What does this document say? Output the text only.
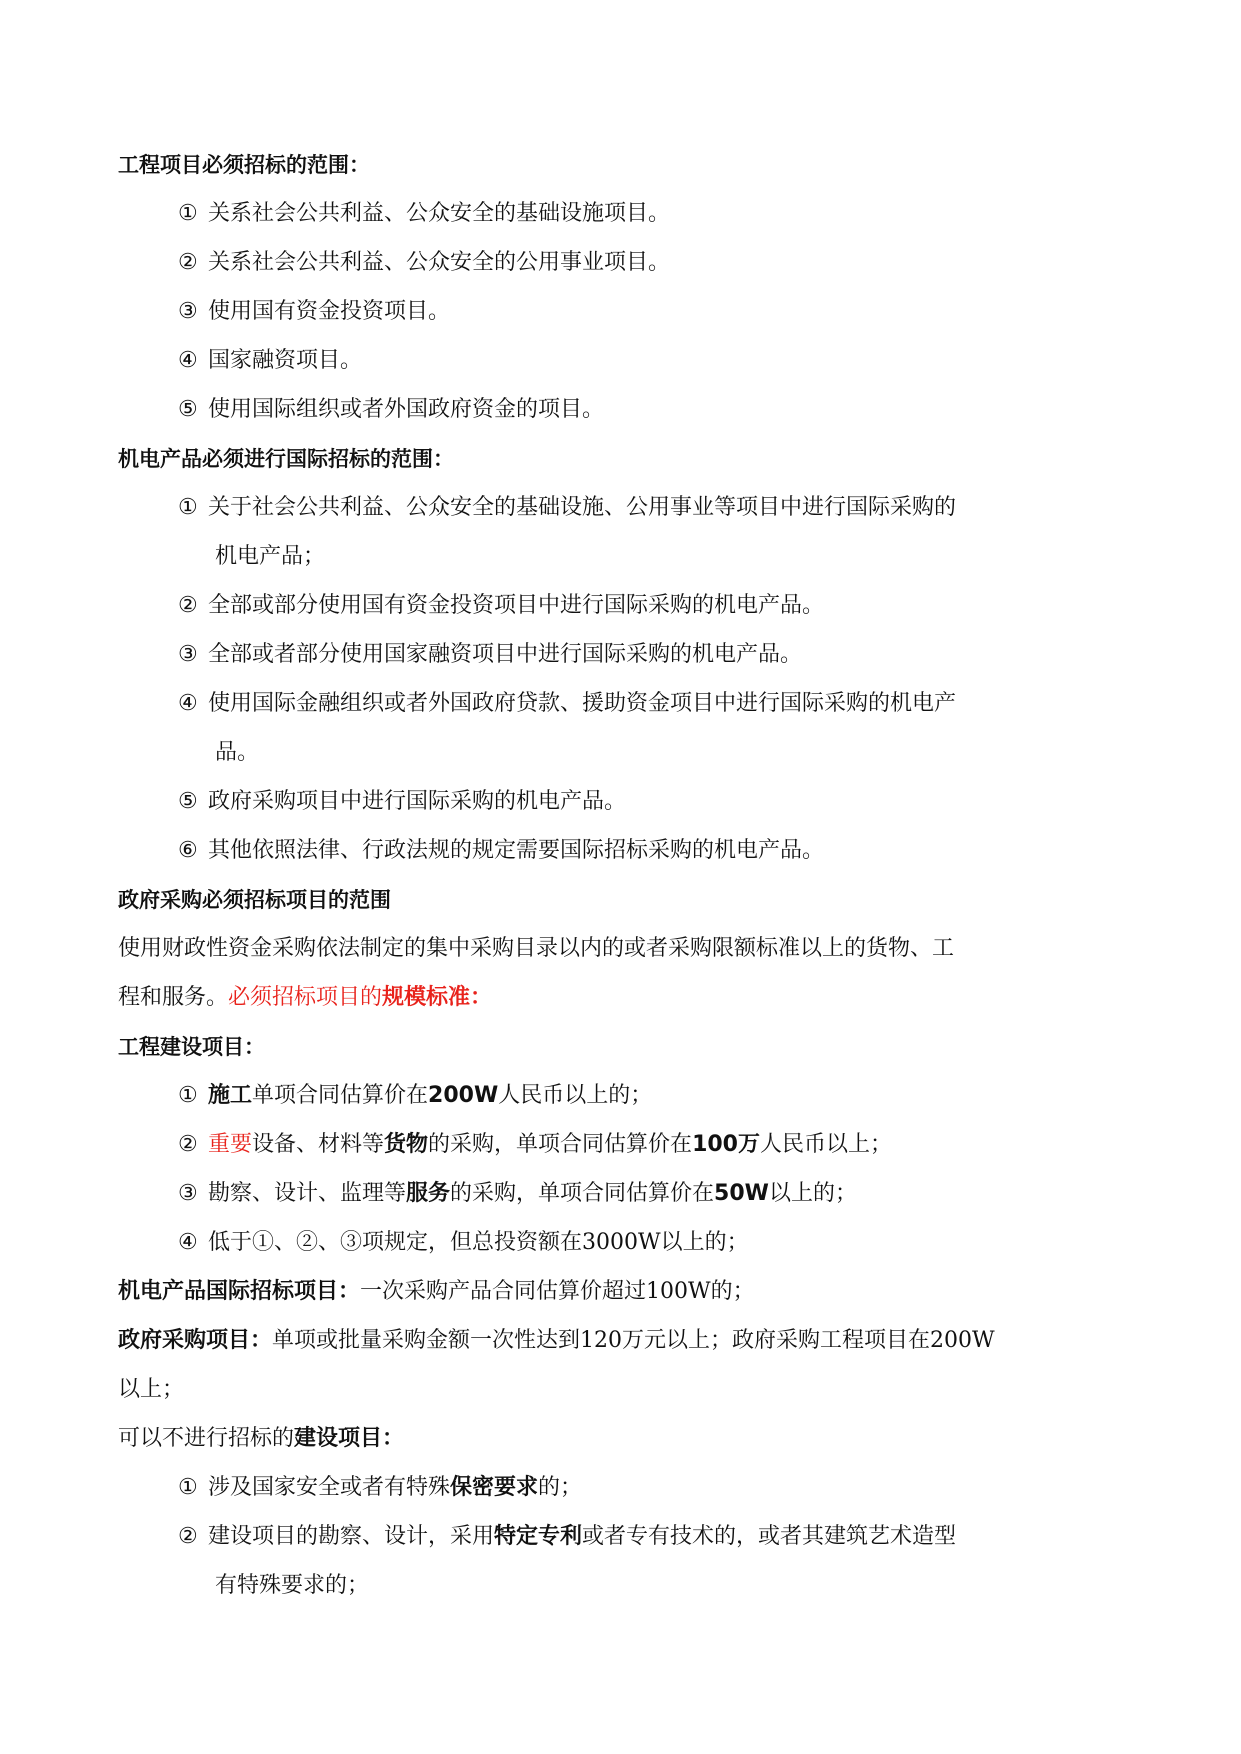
工程项目必须招标的范围：
① 关系社会公共利益、公众安全的基础设施项目。
② 关系社会公共利益、公众安全的公用事业项目。
③ 使用国有资金投资项目。
④ 国家融资项目。
⑤ 使用国际组织或者外国政府资金的项目。
机电产品必须进行国际招标的范围：
① 关于社会公共利益、公众安全的基础设施、公用事业等项目中进行国际采购的
机电产品；
② 全部或部分使用国有资金投资项目中进行国际采购的机电产品。
③ 全部或者部分使用国家融资项目中进行国际采购的机电产品。
④ 使用国际金融组织或者外国政府贷款、援助资金项目中进行国际采购的机电产
品。
⑤ 政府采购项目中进行国际采购的机电产品。
⑥ 其他依照法律、行政法规的规定需要国际招标采购的机电产品。
政府采购必须招标项目的范围
使用财政性资金采购依法制定的集中采购目录以内的或者采购限额标准以上的货物、工
程和服务。必须招标项目的规模标准：
工程建设项目：
① 施工单项合同估算价在200W人民币以上的；
② 重要设备、材料等货物的采购，单项合同估算价在100万人民币以上；
③ 勘察、设计、监理等服务的采购，单项合同估算价在50W以上的；
④ 低于①、②、③项规定，但总投资额在3000W以上的；
机电产品国际招标项目：一次采购产品合同估算价超过100W的；
政府采购项目：单项或批量采购金额一次性达到120万元以上；政府采购工程项目在200W
以上；
可以不进行招标的建设项目：
① 涉及国家安全或者有特殊保密要求的；
② 建设项目的勘察、设计，采用特定专利或者专有技术的，或者其建筑艺术造型
有特殊要求的；
